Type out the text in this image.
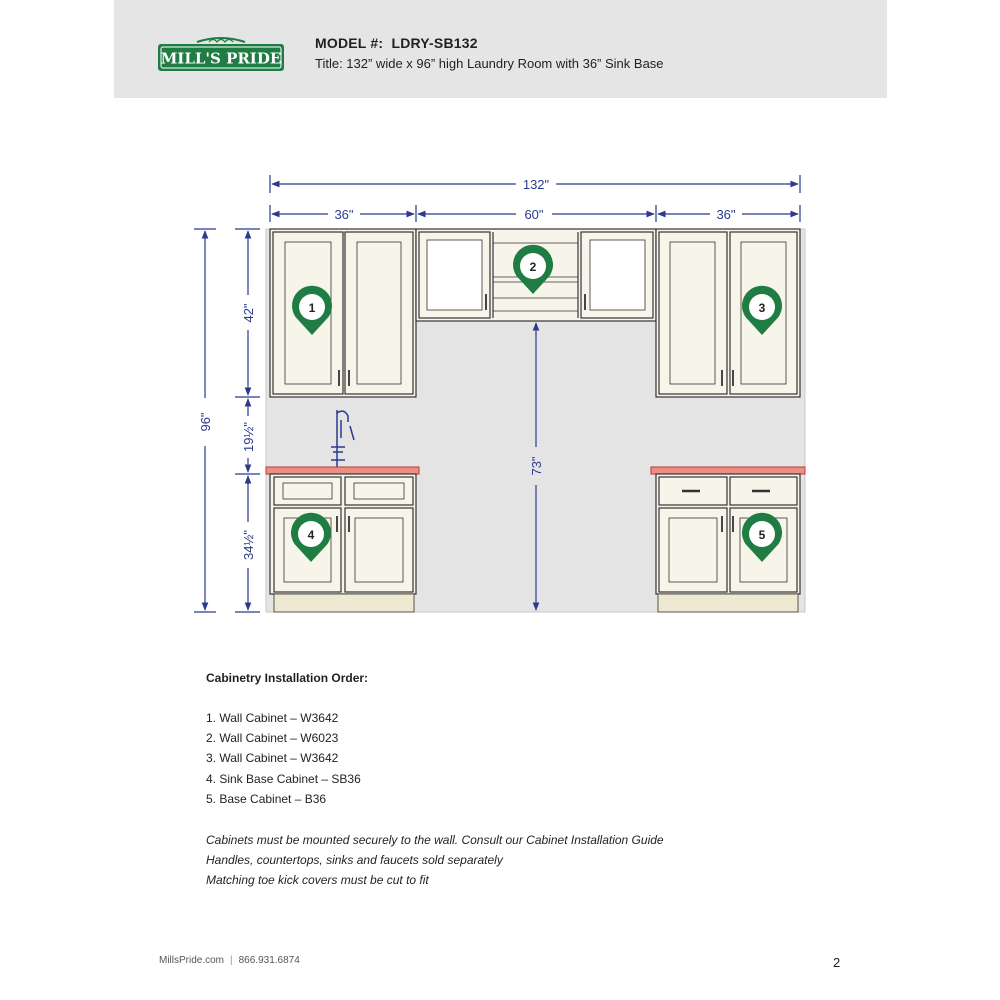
MILL'S PRIDE
MODEL #: LDRY-SB132
Title: 132” wide x 96” high Laundry Room with 36” Sink Base
132"
36"	60"	36"
96"
42"
19½"
34½"
73"
1
2
3
4	5
Cabinetry Installation Order:
1. Wall Cabinet – W3642
2. Wall Cabinet – W6023
3. Wall Cabinet – W3642
4. Sink Base Cabinet – SB36
5. Base Cabinet – B36
Cabinets must be mounted securely to the wall. Consult our Cabinet Installation Guide
Handles, countertops, sinks and faucets sold separately
Matching toe kick covers must be cut to fit
MillsPride.com | 866.931.6874	2
